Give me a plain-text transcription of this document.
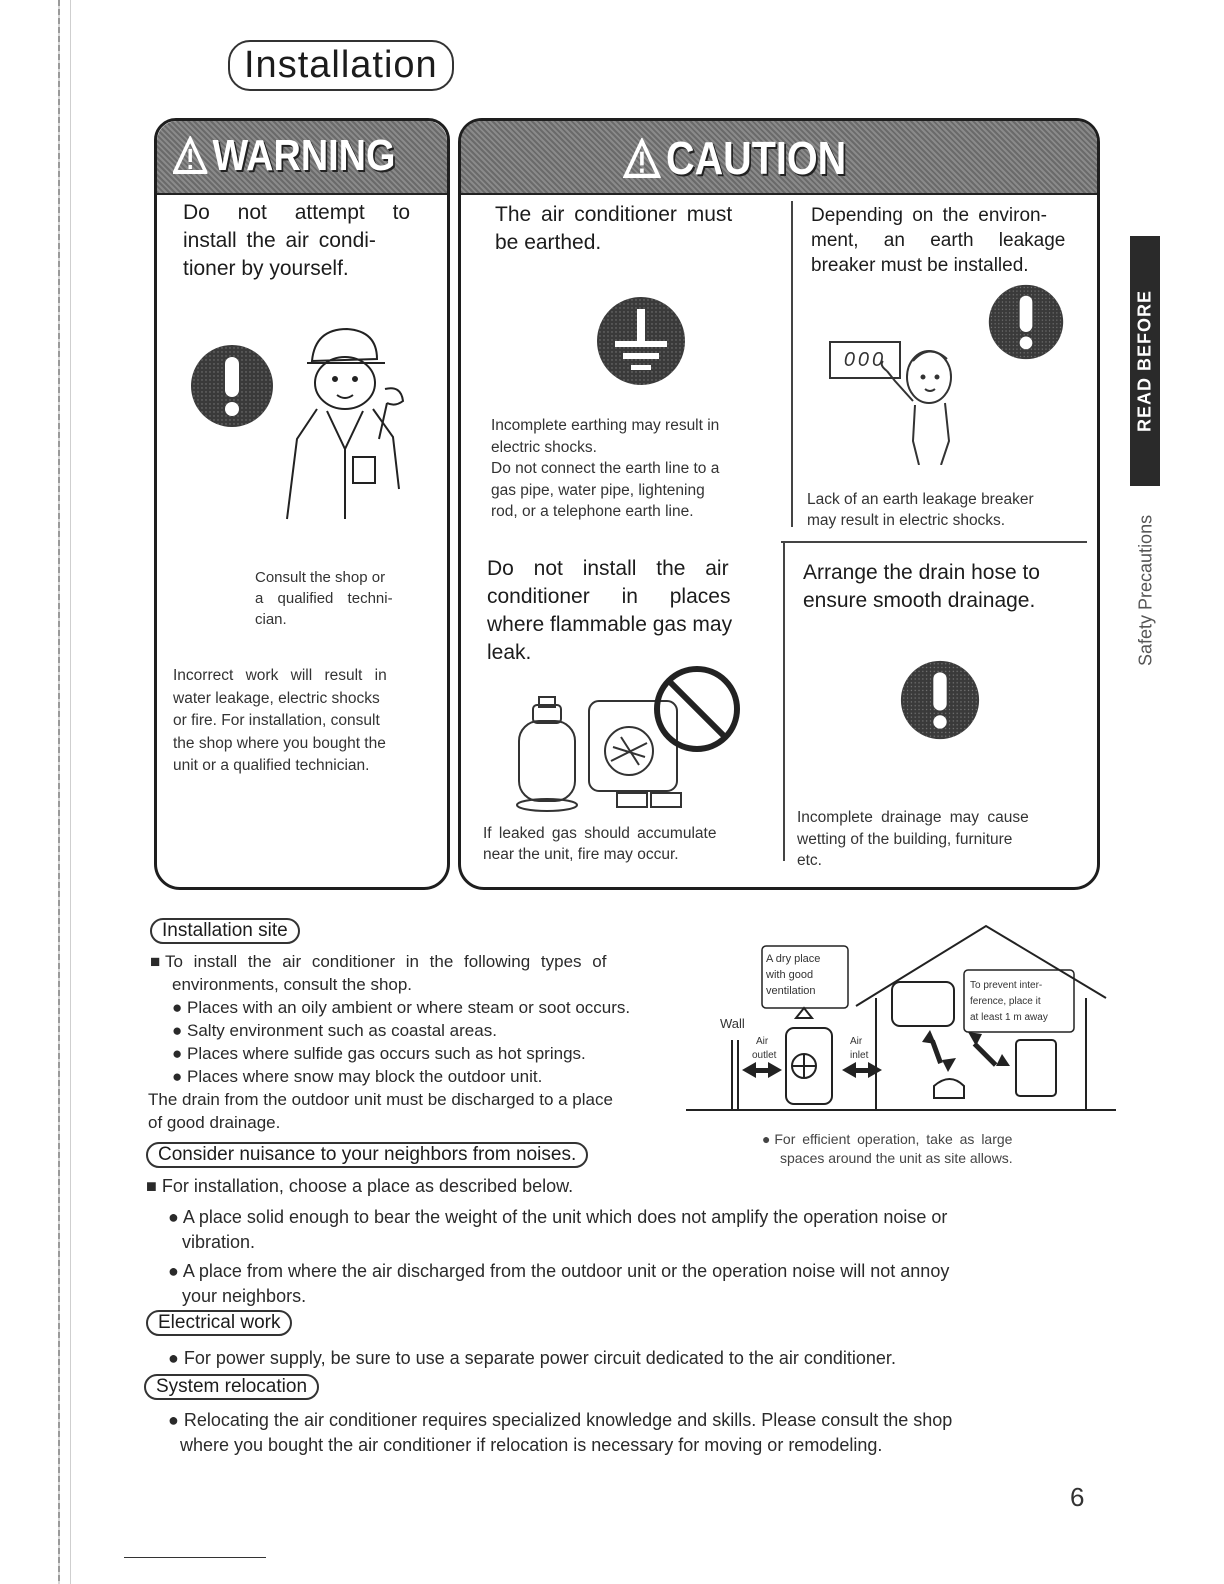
Installation
WARNING
Do not attempt to
install the air condi-
tioner by yourself.
Consult the shop or
a qualified techni-
cian.
Incorrect work will result in
water leakage, electric shocks
or fire. For installation, consult
the shop where you bought the
unit or a qualified technician.
CAUTION
The air conditioner must
be earthed.
Incomplete earthing may result in
electric shocks.
Do not connect the earth line to a
gas pipe, water pipe, lightening
rod, or a telephone earth line.
Depending on the environ-
ment, an earth leakage
breaker must be installed.
000
Lack of an earth leakage breaker
may result in electric shocks.
Do not install the air
conditioner in places
where flammable gas may
leak.
If leaked gas should accumulate
near the unit, fire may occur.
Arrange the drain hose to
ensure smooth drainage.
Incomplete drainage may cause
wetting of the building, furniture
etc.
Installation site
■ To install the air conditioner in the following types of
environments, consult the shop.
● Places with an oily ambient or where steam or soot occurs.
● Salty environment such as coastal areas.
● Places where sulfide gas occurs such as hot springs.
● Places where snow may block the outdoor unit.
The drain from the outdoor unit must be discharged to a place
of good drainage.
A dry place
with good
ventilation
Wall
Air
outlet
Air
inlet
To prevent inter-
ference, place it
at least 1 m away
● For efficient operation, take as large
spaces around the unit as site allows.
Consider nuisance to your neighbors from noises.
■ For installation, choose a place as described below.
● A place solid enough to bear the weight of the unit which does not amplify the operation noise or
vibration.
● A place from where the air discharged from the outdoor unit or the operation noise will not annoy
your neighbors.
Electrical work
● For power supply, be sure to use a separate power circuit dedicated to the air conditioner.
System relocation
● Relocating the air conditioner requires specialized knowledge and skills. Please consult the shop
where you bought the air conditioner if relocation is necessary for moving or remodeling.
READ BEFORE
Safety Precautions
6
